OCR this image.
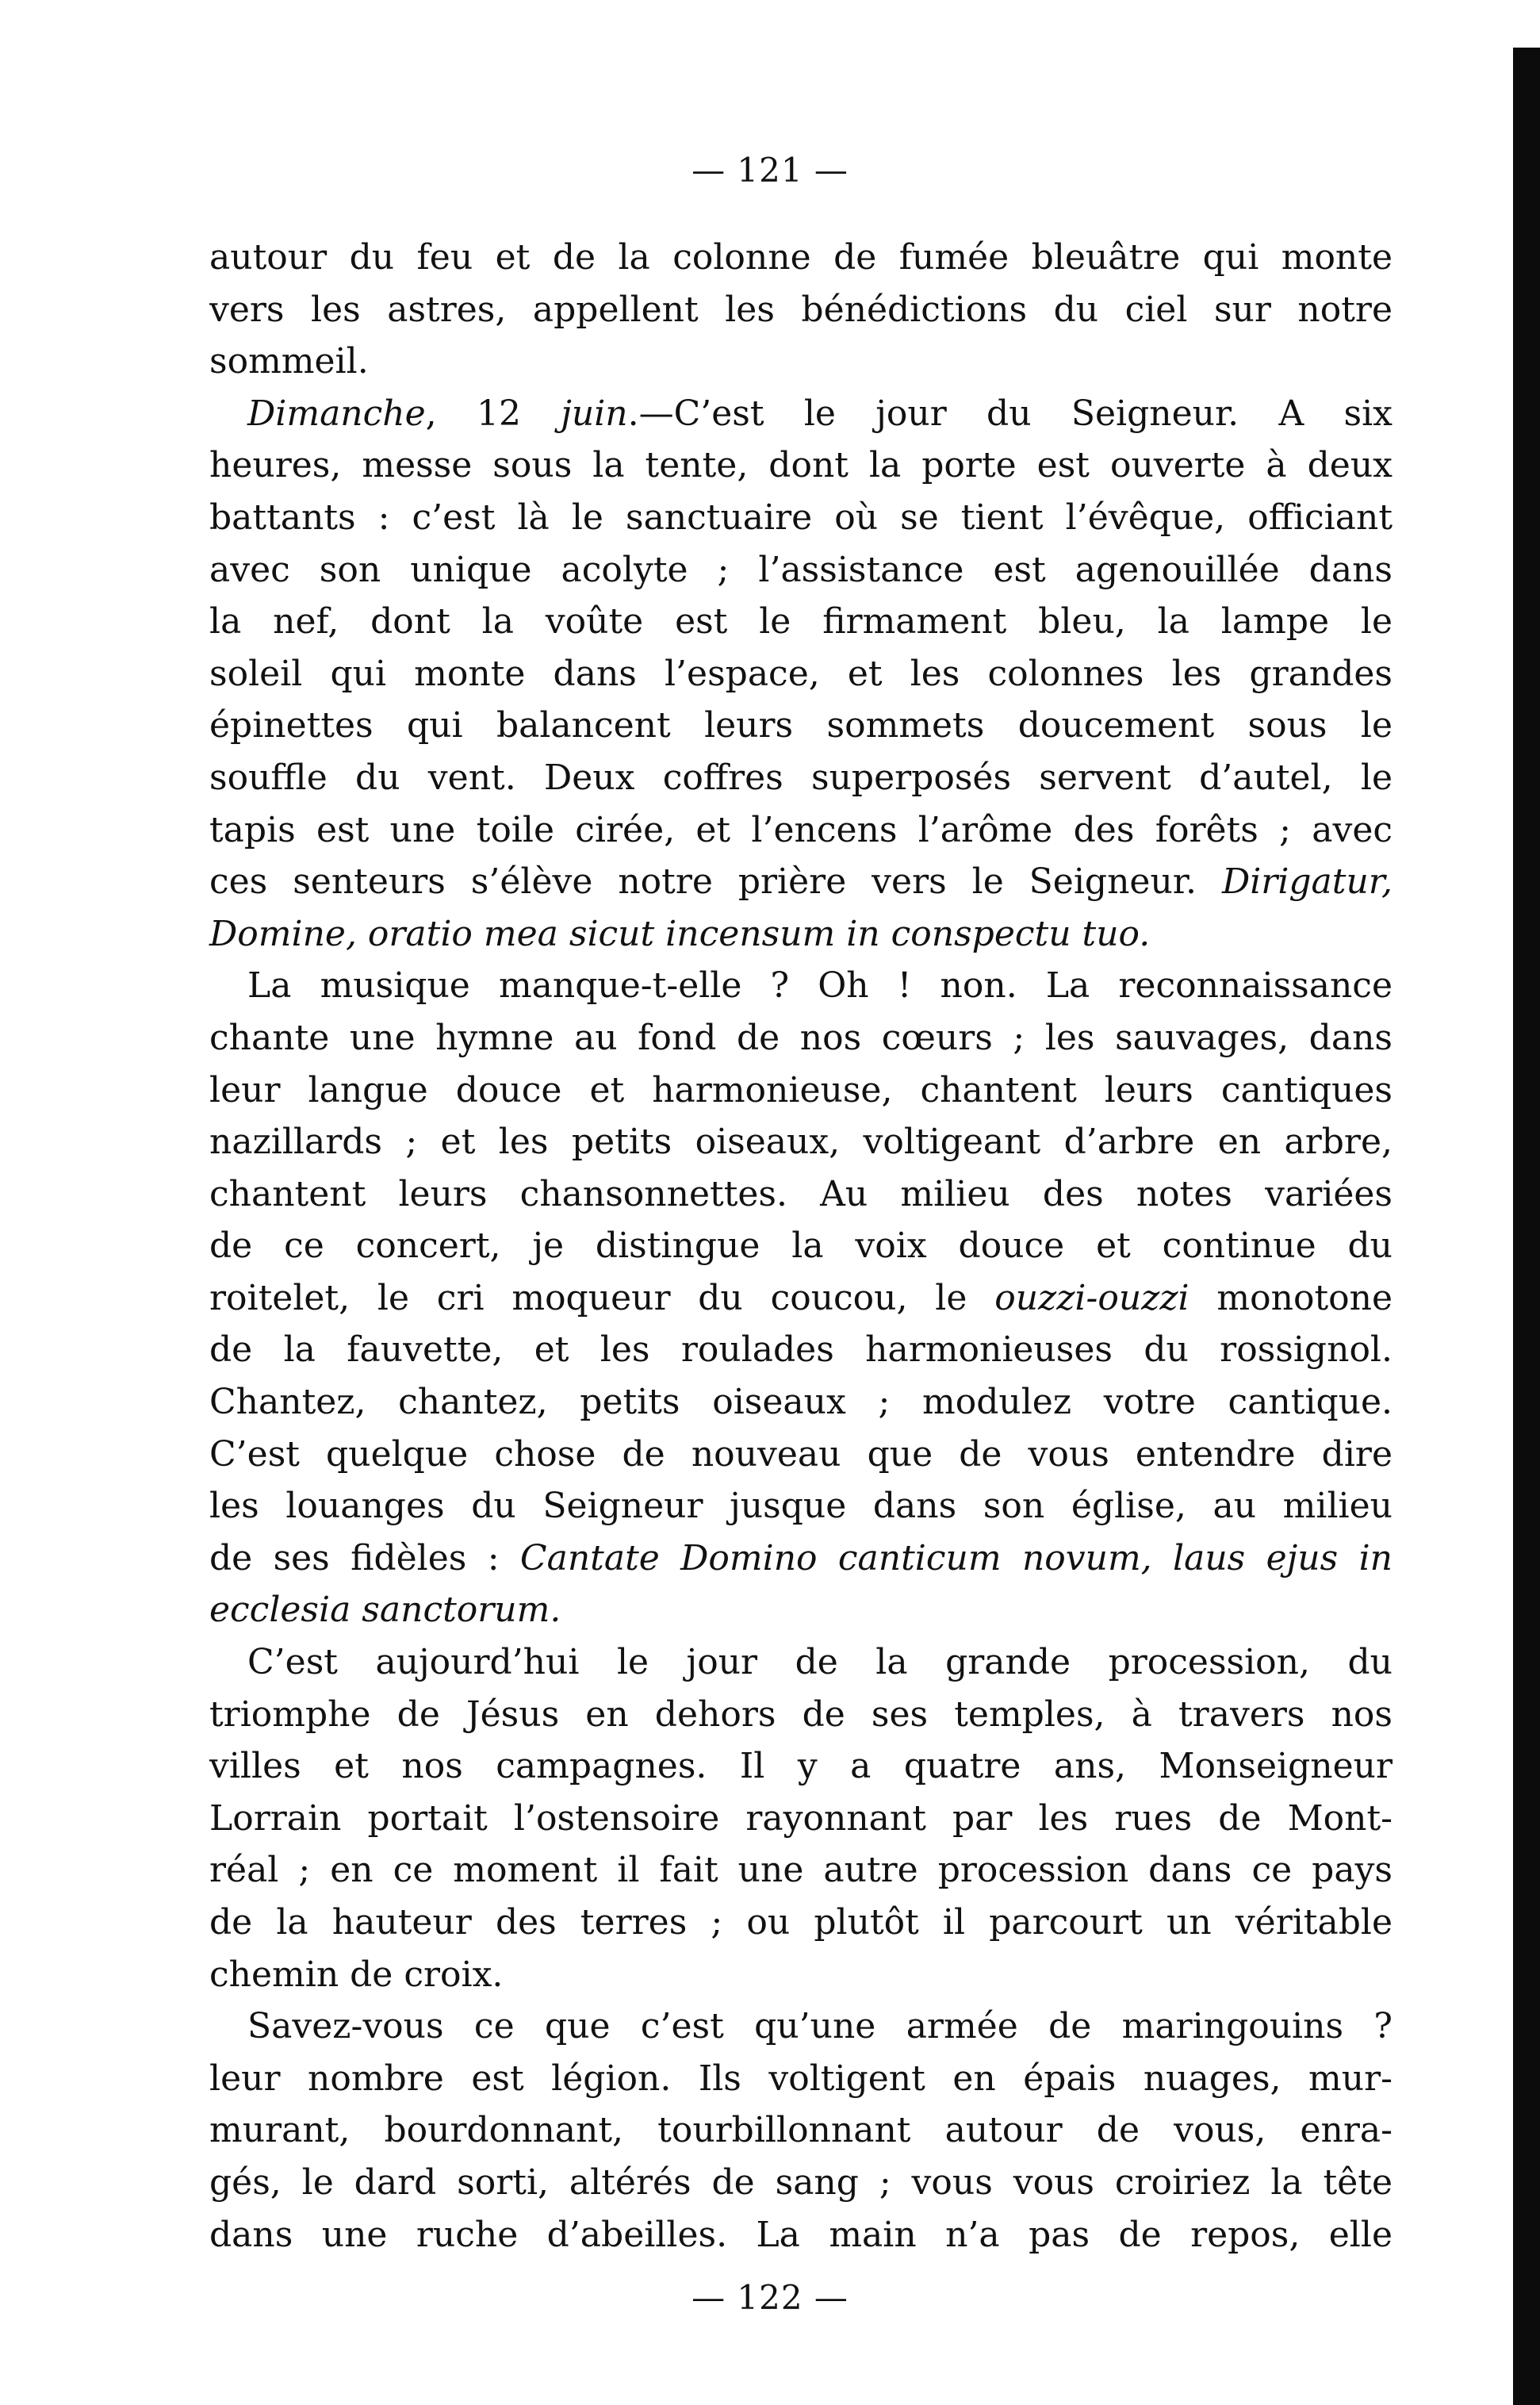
— 121 —
autour du feu et de la colonne de fumée bleuâtre qui monte
vers les astres, appellent les bénédictions du ciel sur notre
sommeil.
Dimanche, 12 juin.—C’est le jour du Seigneur. A six
heures, messe sous la tente, dont la porte est ouverte à deux
battants : c’est là le sanctuaire où se tient l’évêque, officiant
avec son unique acolyte ; l’assistance est agenouillée dans
la nef, dont la voûte est le firmament bleu, la lampe le
soleil qui monte dans l’espace, et les colonnes les grandes
épinettes qui balancent leurs sommets doucement sous le
souffle du vent. Deux coffres superposés servent d’autel, le
tapis est une toile cirée, et l’encens l’arôme des forêts ; avec
ces senteurs s’élève notre prière vers le Seigneur. Dirigatur,
Domine, oratio mea sicut incensum in conspectu tuo.
La musique manque-t-elle ? Oh ! non. La reconnaissance
chante une hymne au fond de nos cœurs ; les sauvages, dans
leur langue douce et harmonieuse, chantent leurs cantiques
nazillards ; et les petits oiseaux, voltigeant d’arbre en arbre,
chantent leurs chansonnettes. Au milieu des notes variées
de ce concert, je distingue la voix douce et continue du
roitelet, le cri moqueur du coucou, le ouzzi-ouzzi monotone
de la fauvette, et les roulades harmonieuses du rossignol.
Chantez, chantez, petits oiseaux ; modulez votre cantique.
C’est quelque chose de nouveau que de vous entendre dire
les louanges du Seigneur jusque dans son église, au milieu
de ses fidèles : Cantate Domino canticum novum, laus ejus in
ecclesia sanctorum.
C’est aujourd’hui le jour de la grande procession, du
triomphe de Jésus en dehors de ses temples, à travers nos
villes et nos campagnes. Il y a quatre ans, Monseigneur
Lorrain portait l’ostensoire rayonnant par les rues de Mont-
réal ; en ce moment il fait une autre procession dans ce pays
de la hauteur des terres ; ou plutôt il parcourt un véritable
chemin de croix.
Savez-vous ce que c’est qu’une armée de maringouins ?
leur nombre est légion. Ils voltigent en épais nuages, mur-
murant, bourdonnant, tourbillonnant autour de vous, enra-
gés, le dard sorti, altérés de sang ; vous vous croiriez la tête
dans une ruche d’abeilles. La main n’a pas de repos, elle
— 122 —
